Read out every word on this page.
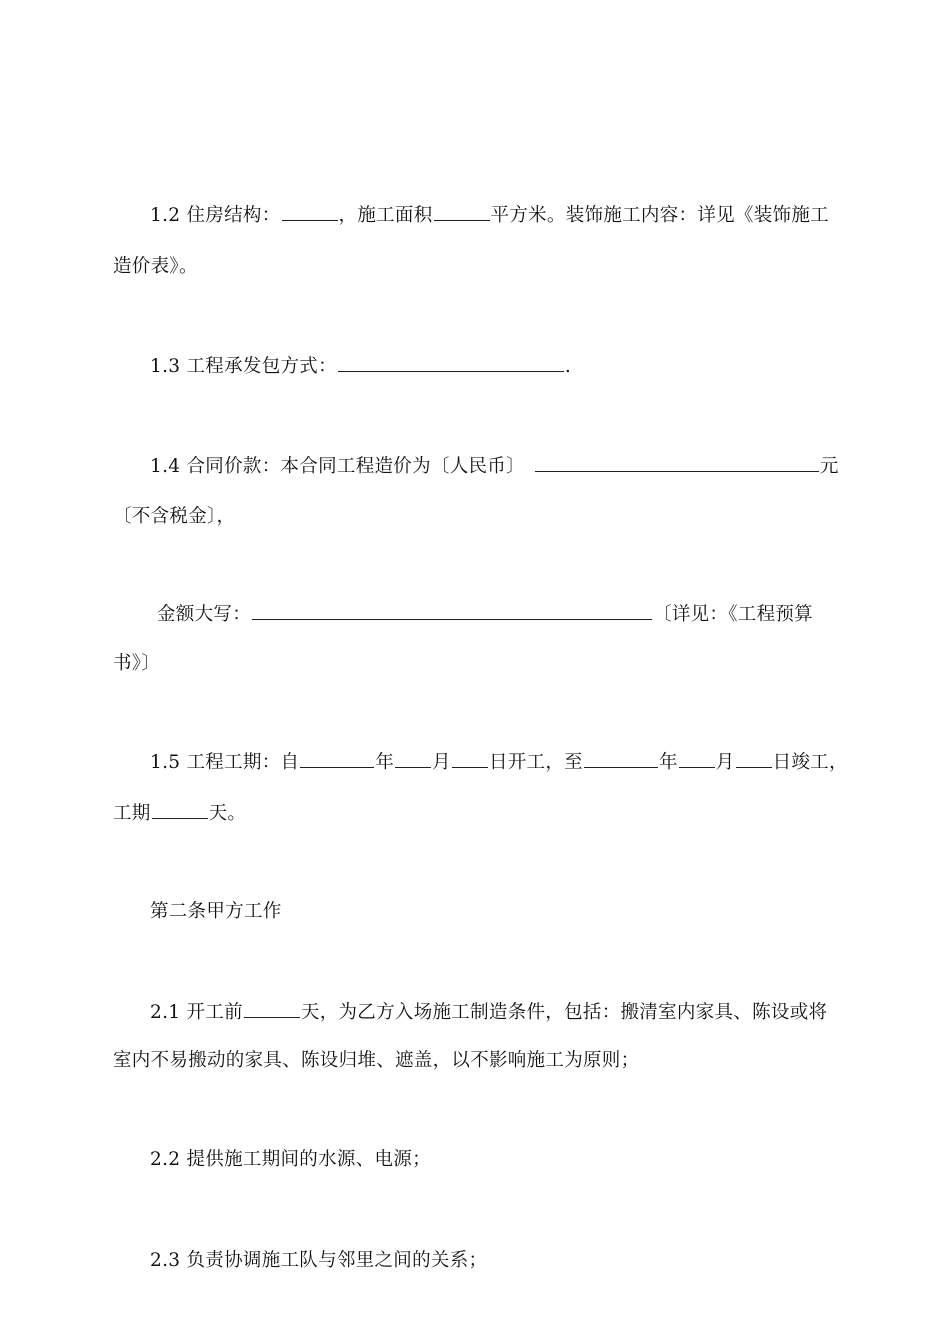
1.2 住房结构：	，施工面积	平方米。装饰施工内容：详见《装饰施工
造价表》。
1.3 工程承发包方式：	.
1.4 合同价款：本合同工程造价为〔人民币〕	元
〔不含税金〕，
金额大写：	〔详见：《工程预算
书》〕
1.5 工程工期：自	年 月 日开工，至	年 月 日竣工，
工期	天。
第二条甲方工作
2.1 开工前	天，为乙方入场施工制造条件，包括：搬清室内家具、陈设或将
室内不易搬动的家具、陈设归堆、遮盖，以不影响施工为原则；
2.2 提供施工期间的水源、电源；
2.3 负责协调施工队与邻里之间的关系；
